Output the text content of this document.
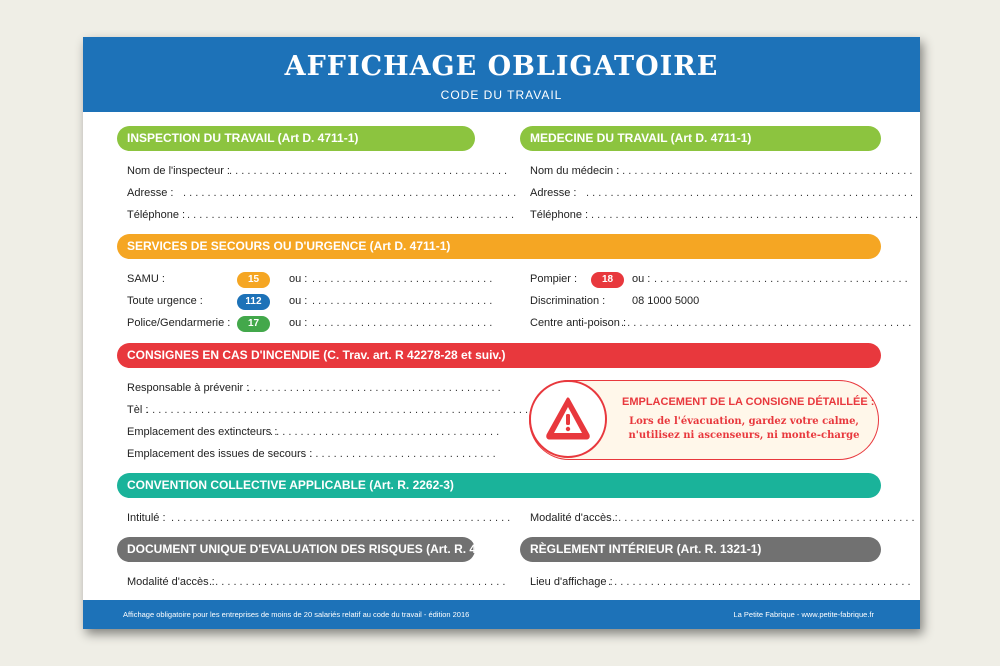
AFFICHAGE OBLIGATOIRE
CODE DU TRAVAIL
INSPECTION DU TRAVAIL (Art D. 4711-1)
Nom de l'inspecteur : . . . . . . . . . . . . . . . . . . . . . . . . . . . . . . . . . . . . . . . . . . . . . .
Adresse : . . . . . . . . . . . . . . . . . . . . . . . . . . . . . . . . . . . . . . . . . . . . . . . . . . . . . . .
Téléphone : . . . . . . . . . . . . . . . . . . . . . . . . . . . . . . . . . . . . . . . . . . . . . . . . . . . . . .
MEDECINE DU TRAVAIL (Art D. 4711-1)
Nom du médecin :
. . . . . . . . . . . . . . . . . . . . . . . . . . . . . . . . . . . . . . . . . . . . . . . . .
Adresse : . . . . . . . . . . . . . . . . . . . . . . . . . . . . . . . . . . . . . . . . . . . . . . . . . . . . . .
Téléphone : . . . . . . . . . . . . . . . . . . . . . . . . . . . . . . . . . . . . . . . . . . . . . . . . . . . . . .
SERVICES DE SECOURS OU D'URGENCE (Art D. 4711-1)
SAMU :	15	ou : . . . . . . . . . . . . . . . . . . . . . . . . . . . . . .
Toute urgence :	112	ou : . . . . . . . . . . . . . . . . . . . . . . . . . . . . . .
Police/Gendarmerie :	17	ou : . . . . . . . . . . . . . . . . . . . . . . . . . . . . . .
Pompier :	18	ou : . . . . . . . . . . . . . . . . . . . . . . . . . . . . . . . . . . . . . . . . . .
Discrimination : 08 1000 5000
Centre anti-poison :
. . . . . . . . . . . . . . . . . . . . . . . . . . . . . . . . . . . . . . . . . . . . . . . .
CONSIGNES EN CAS D'INCENDIE (C. Trav. art. R 42278-28 et suiv.)
Responsable à prévenir :
. . . . . . . . . . . . . . . . . . . . . . . . . . . . . . . . . . . . . . . . . .
Tèl :
. . . . . . . . . . . . . . . . . . . . . . . . . . . . . . . . . . . . . . . . . . . . . . . . . . . . . . . . . . . . . . .
Emplacement des extincteurs :
. . . . . . . . . . . . . . . . . . . . . . . . . . . . . . . . . . . . . .
Emplacement des issues de secours :
. . . . . . . . . . . . . . . . . . . . . . . . . . . . . . . . .
EMPLACEMENT DE LA CONSIGNE DÉTAILLÉE :
Lors de l'évacuation, gardez votre calme, n'utilisez ni ascenseurs, ni monte-charge
CONVENTION COLLECTIVE APPLICABLE (Art. R. 2262-3)
Intitulé : . . . . . . . . . . . . . . . . . . . . . . . . . . . . . . . . . . . . . . . . . . . . . . . . . . . . . . . . Modalité d'accès :
. . . . . . . . . . . . . . . . . . . . . . . . . . . . . . . . . . . . . . . . . . . . . . . . . .
DOCUMENT UNIQUE D'EVALUATION DES RISQUES (Art. R. 4121-4)
Modalité d'accès :
. . . . . . . . . . . . . . . . . . . . . . . . . . . . . . . . . . . . . . . . . . . . . . . . .
RÈGLEMENT INTÉRIEUR (Art. R. 1321-1)
Lieu d'affichage :
. . . . . . . . . . . . . . . . . . . . . . . . . . . . . . . . . . . . . . . . . . . . . . . . . .
Affichage obligatoire pour les entreprises de moins de 20 salariés relatif au code du travail - édition 2016	La Petite Fabrique - www.petite-fabrique.fr
